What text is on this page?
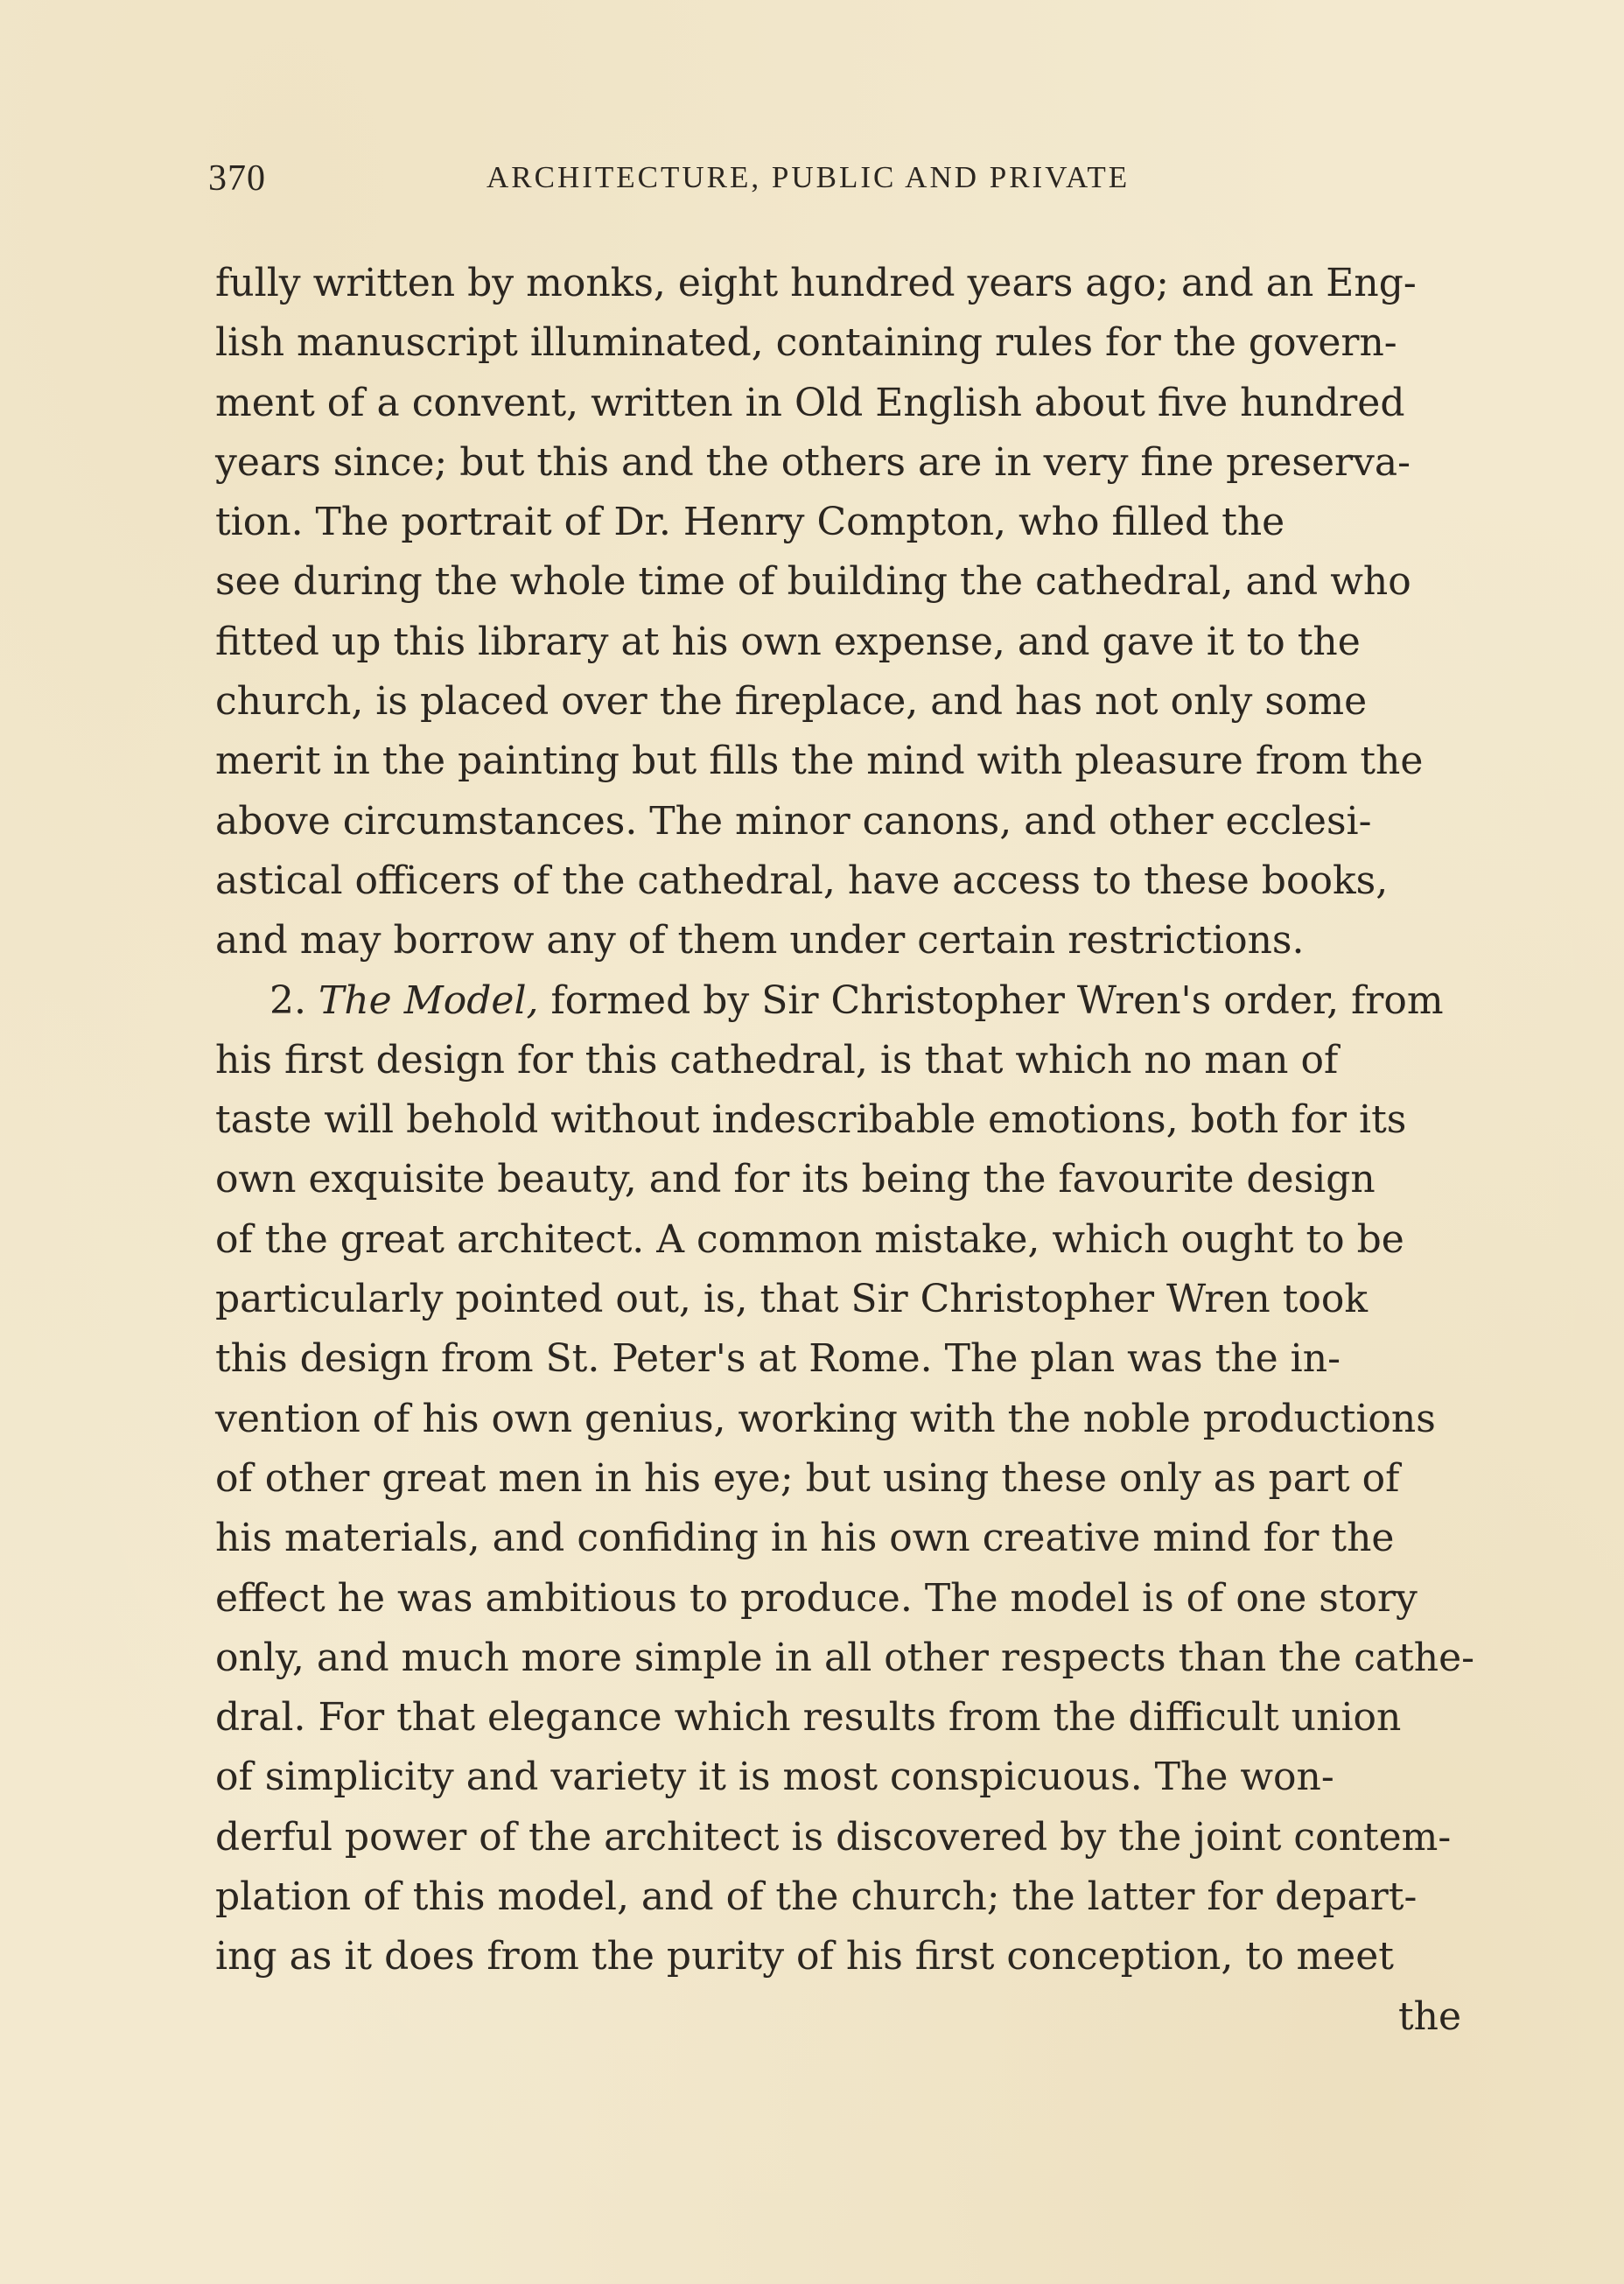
370	ARCHITECTURE, PUBLIC AND PRIVATE
fully written by monks, eight hundred years ago; and an Eng-
lish manuscript illuminated, containing rules for the govern-
ment of a convent, written in Old English about five hundred
years since; but this and the others are in very fine preserva-
tion. The portrait of Dr. Henry Compton, who filled the
see during the whole time of building the cathedral, and who
fitted up this library at his own expense, and gave it to the
church, is placed over the fireplace, and has not only some
merit in the painting but fills the mind with pleasure from the
above circumstances. The minor canons, and other ecclesi-
astical officers of the cathedral, have access to these books,
and may borrow any of them under certain restrictions.
2. The Model, formed by Sir Christopher Wren's order, from
his first design for this cathedral, is that which no man of
taste will behold without indescribable emotions, both for its
own exquisite beauty, and for its being the favourite design
of the great architect. A common mistake, which ought to be
particularly pointed out, is, that Sir Christopher Wren took
this design from St. Peter's at Rome. The plan was the in-
vention of his own genius, working with the noble productions
of other great men in his eye; but using these only as part of
his materials, and confiding in his own creative mind for the
effect he was ambitious to produce. The model is of one story
only, and much more simple in all other respects than the cathe-
dral. For that elegance which results from the difficult union
of simplicity and variety it is most conspicuous. The won-
derful power of the architect is discovered by the joint contem-
plation of this model, and of the church; the latter for depart-
ing as it does from the purity of his first conception, to meet
the
